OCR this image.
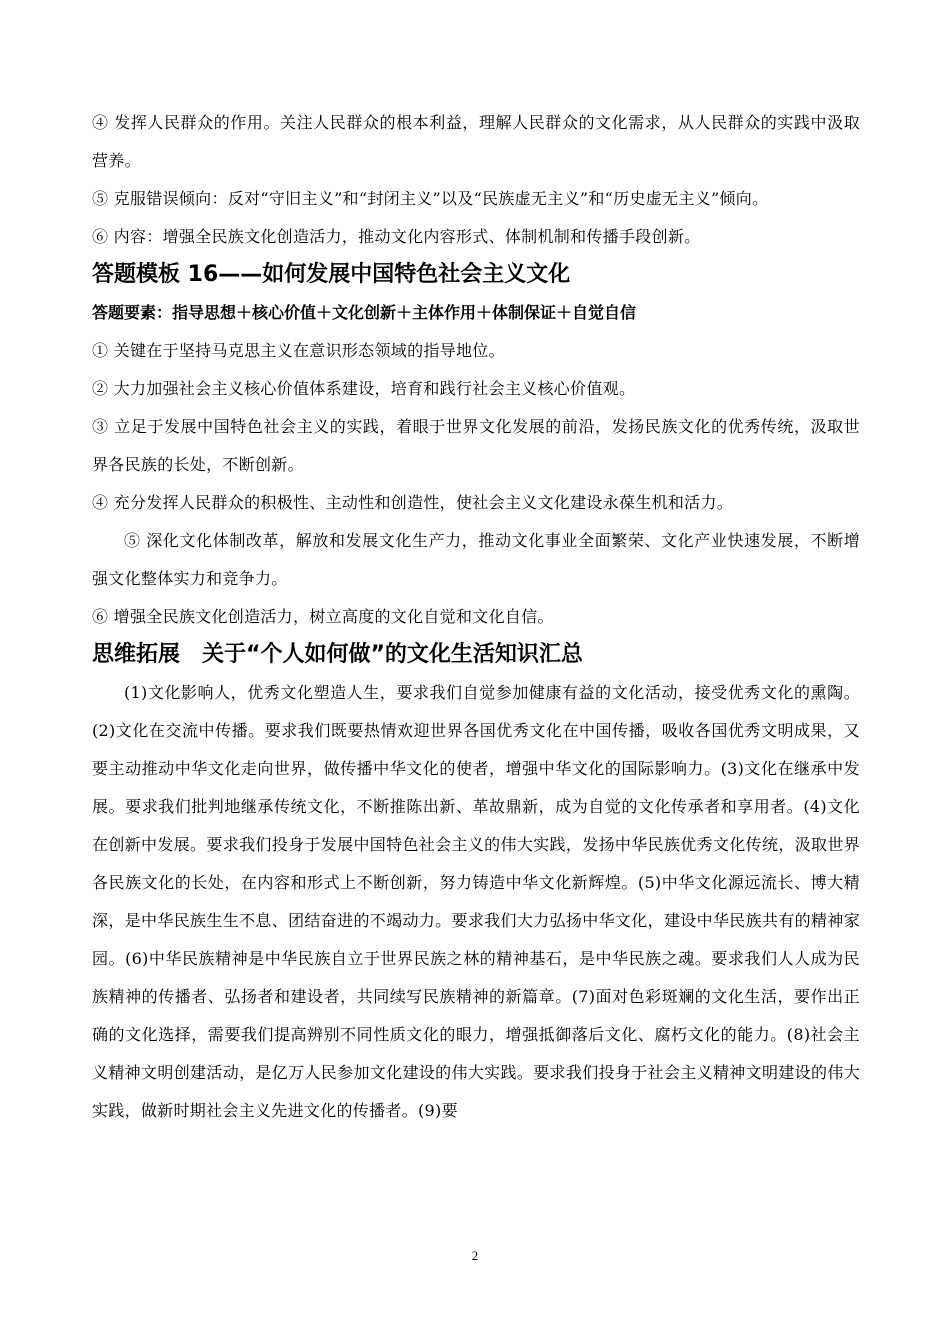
④ 发挥人民群众的作用。关注人民群众的根本利益，理解人民群众的文化需求，从人民群众的实践中汲取营养。

⑤ 克服错误倾向：反对“守旧主义”和“封闭主义”以及“民族虚无主义”和“历史虚无主义”倾向。

⑥ 内容：增强全民族文化创造活力，推动文化内容形式、体制机制和传播手段创新。

答题模板 16——如何发展中国特色社会主义文化
答题要素：指导思想＋核心价值＋文化创新＋主体作用＋体制保证＋自觉自信

① 关键在于坚持马克思主义在意识形态领域的指导地位。

② 大力加强社会主义核心价值体系建设，培育和践行社会主义核心价值观。

③ 立足于发展中国特色社会主义的实践，着眼于世界文化发展的前沿，发扬民族文化的优秀传统，汲取世界各民族的长处，不断创新。

④ 充分发挥人民群众的积极性、主动性和创造性，使社会主义文化建设永葆生机和活力。

⑤ 深化文化体制改革，解放和发展文化生产力，推动文化事业全面繁荣、文化产业快速发展，不断增强文化整体实力和竞争力。

⑥ 增强全民族文化创造活力，树立高度的文化自觉和文化自信。

思维拓展　关于“个人如何做”的文化生活知识汇总

(1)文化影响人，优秀文化塑造人生，要求我们自觉参加健康有益的文化活动，接受优秀文化的熏陶。(2)文化在交流中传播。要求我们既要热情欢迎世界各国优秀文化在中国传播，吸收各国优秀文明成果，又要主动推动中华文化走向世界，做传播中华文化的使者，增强中华文化的国际影响力。(3)文化在继承中发展。要求我们批判地继承传统文化，不断推陈出新、革故鼎新，成为自觉的文化传承者和享用者。(4)文化在创新中发展。要求我们投身于发展中国特色社会主义的伟大实践，发扬中华民族优秀文化传统，汲取世界各民族文化的长处，在内容和形式上不断创新，努力铸造中华文化新辉煌。(5)中华文化源远流长、博大精深，是中华民族生生不息、团结奋进的不竭动力。要求我们大力弘扬中华文化，建设中华民族共有的精神家园。(6)中华民族精神是中华民族自立于世界民族之林的精神基石，是中华民族之魂。要求我们人人成为民族精神的传播者、弘扬者和建设者，共同续写民族精神的新篇章。(7)面对色彩斑斓的文化生活，要作出正确的文化选择，需要我们提高辨别不同性质文化的眼力，增强抵御落后文化、腐朽文化的能力。(8)社会主义精神文明创建活动，是亿万人民参加文化建设的伟大实践。要求我们投身于社会主义精神文明建设的伟大实践，做新时期社会主义先进文化的传播者。(9)要

2
